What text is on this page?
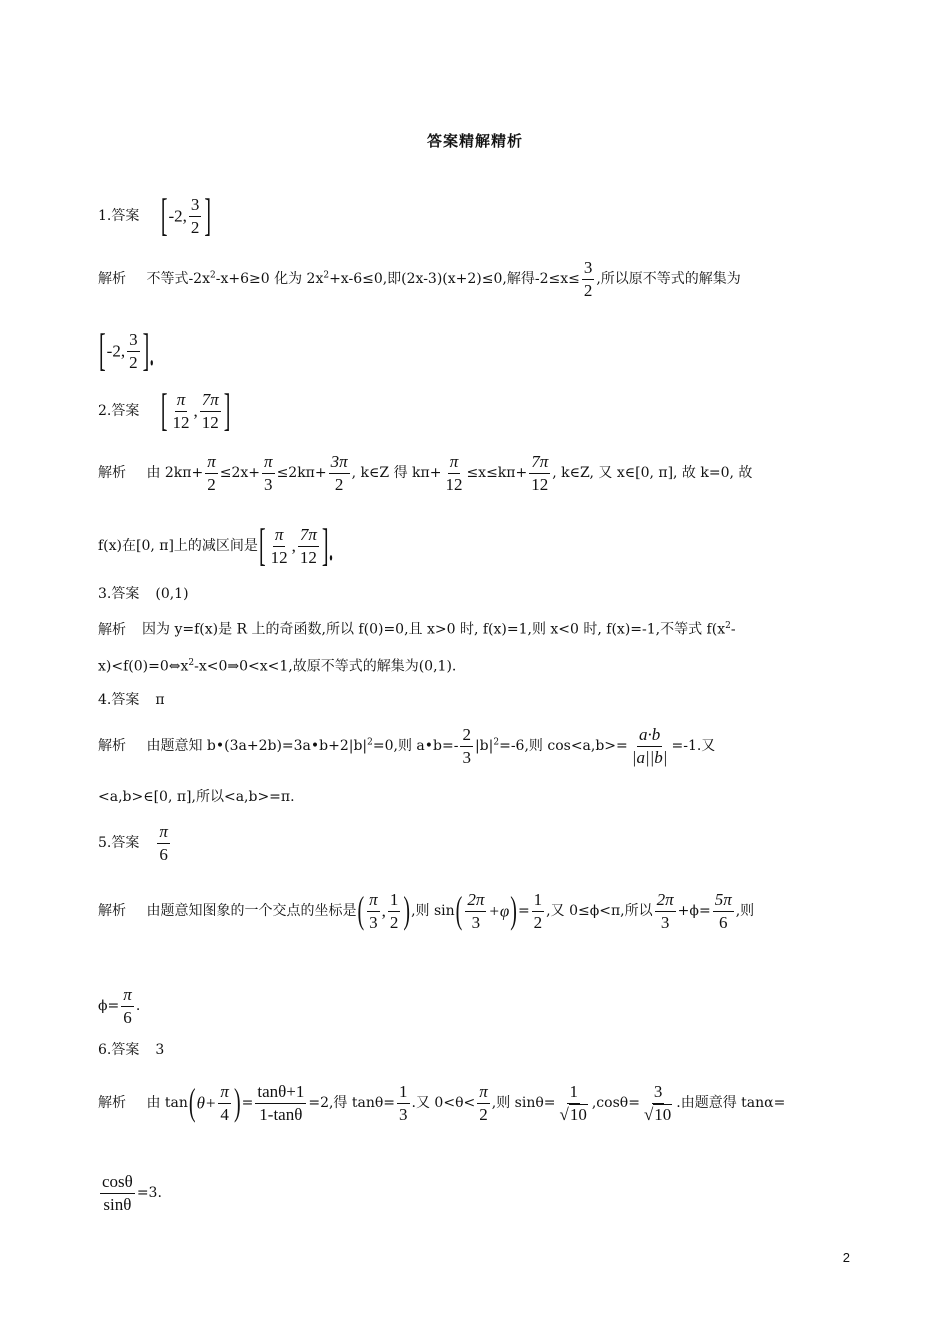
答案精解精析
1.答案 [-2, $\frac{3}{2}$ ]
解析 不等式$-2x^2-x+6\ge 0$ 化为 $2x^2+x-6\le 0$,即(2x-3)(x+2)≤0,解得$-2\le x\le \frac{3}{2}$ ,所以原不等式的解集为
[-2, $\frac{3}{2}$ ].
2.答案 [ $\frac{\pi}{12}$ , $\frac{7\pi}{12}$ ]
解析 由 $2k\pi+ \frac{\pi}{2} \le 2x+ \frac{\pi}{3} \le 2k\pi+ \frac{3\pi}{2}$ , k∈Z 得 $k\pi+ \frac{\pi}{12} \le x\le k\pi+ \frac{7\pi}{12}$ , k∈Z, 又 x∈[0, π], 故 k=0, 故
f(x)在[0, π]上的减区间是[ $\frac{\pi}{12}$ , $\frac{7\pi}{12}$ ].
3.答案 (0,1)
解析 因为 y=f(x)是 R 上的奇函数,所以 f(0)=0,且 x>0 时, f(x)=1,则 x<0 时, f(x)=-1,不等式 $f(x^2-$
$x)<f(0)=0\Leftrightarrow x^2-x<0\Rightarrow 0<x<1$,故原不等式的解集为(0,1).
4.答案 π
解析 由题意知 $b•(3a+2b)=3a•b+2|b|^2=0$,则 a•b=- $\frac{2}{3} |b|^2=-6$,则 $\cos<a,b>= \frac{a\cdot b}{|a||b|} =-1$.又
<a,b>∈[0, π],所以<a,b>=π.
5.答案 $\frac{\pi}{6}$
解析 由题意知图象的一个交点的坐标是( $\frac{\pi}{3}$ , $\frac{1}{2}$ ),则 $\sin( \frac{2\pi}{3} +\varphi)= \frac{1}{2}$ ,又 0≤ϕ<π,所以 $\frac{2\pi}{3} +\phi= \frac{5\pi}{6}$ ,则
$\phi= \frac{\pi}{6}$ .
6.答案 3
解析 由 $\tan(\theta+ \frac{\pi}{4}$ )= $\frac{\tan\theta+1}{1-\tan\theta} =2$,得 $\tan\theta= \frac{1}{3}$ .又 $0<\theta< \frac{\pi}{2}$ ,则 $\sin\theta= \frac{1}{√10} ,\cos\theta= \frac{3}{√10}$ .由题意得 tanα=
$\frac{\cos\theta}{\sin\theta} =3$.
2
